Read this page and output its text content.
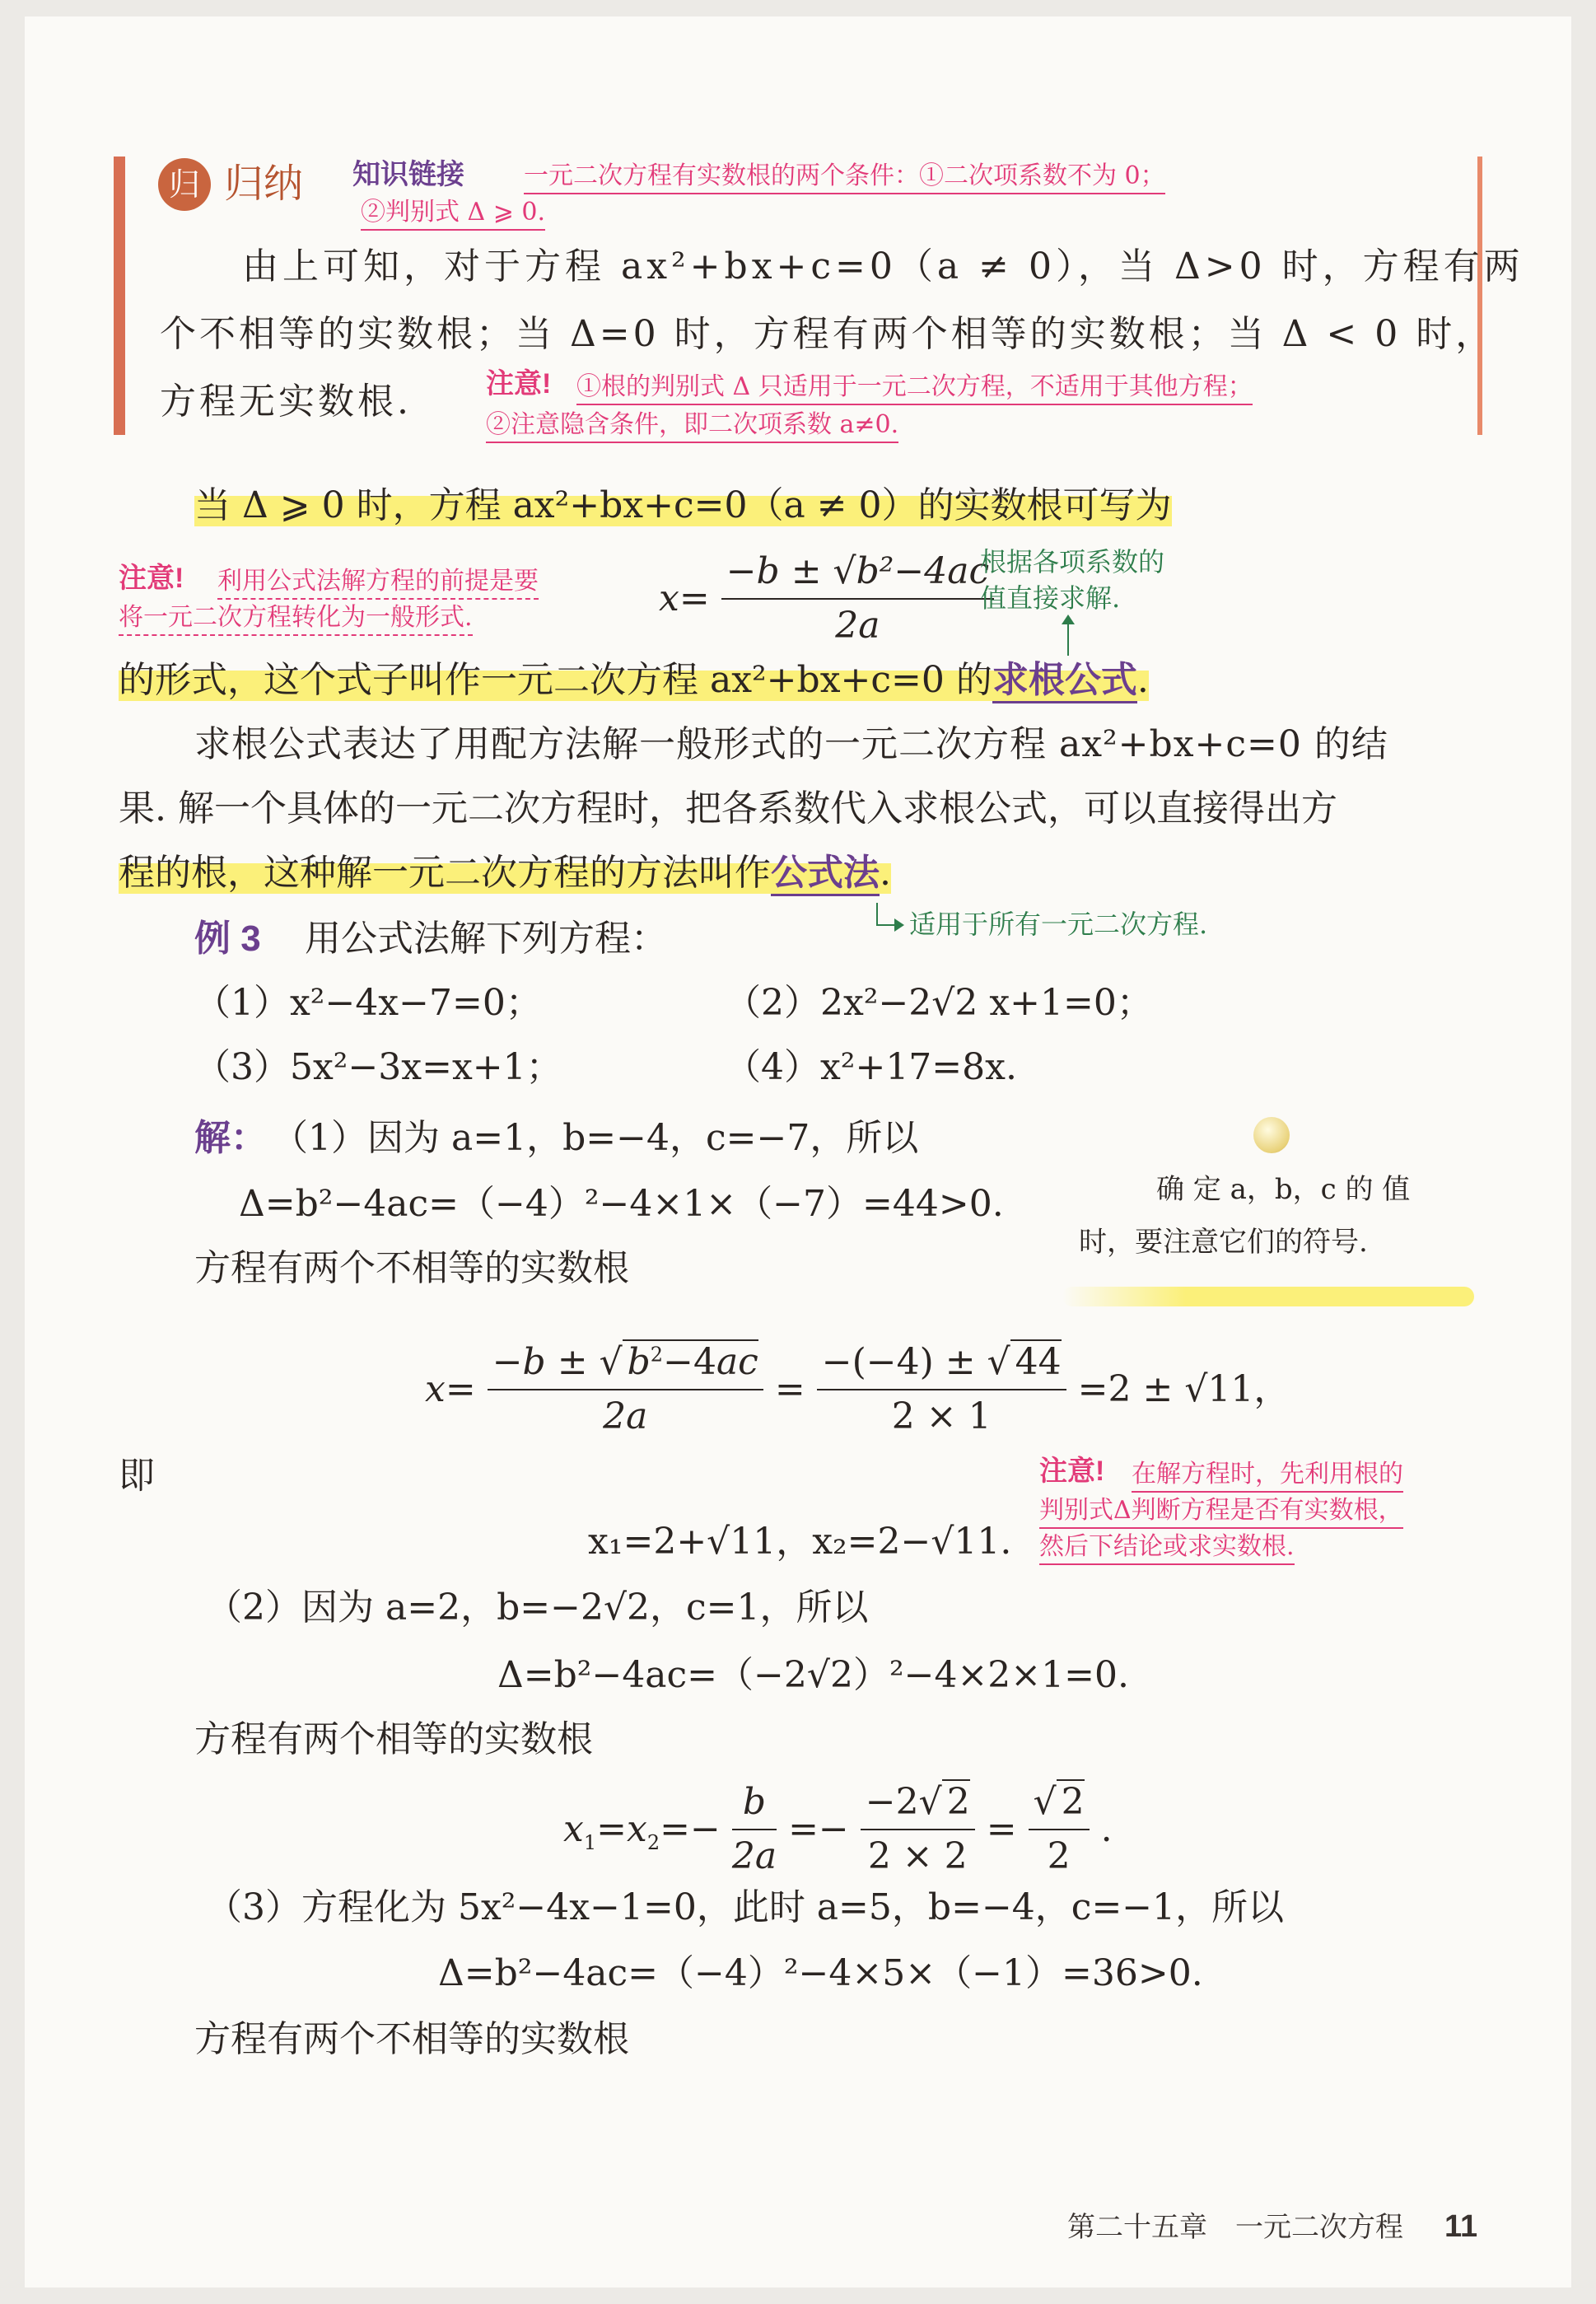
归 归纳 知识链接 一元二次方程有实数根的两个条件：①二次项系数不为 0；
②判别式 Δ ⩾ 0.
由上可知，对于方程 ax²+bx+c=0（a ≠ 0），当 Δ>0 时，方程有两
个不相等的实数根；当 Δ=0 时，方程有两个相等的实数根；当 Δ < 0 时，
方程无实数根.	注意! ①根的判别式 Δ 只适用于一元二次方程，不适用于其他方程；
②注意隐含条件，即二次项系数 a≠0.
当 Δ ⩾ 0 时，方程 ax²+bx+c=0（a ≠ 0）的实数根可写为
注意! 利用公式法解方程的前提是要
将一元二次方程转化为一般形式.	$x= \frac{\text{−b ± √b²−4ac}}{2a}$
根据各项系数的
值直接求解.
的形式，这个式子叫作一元二次方程 ax²+bx+c=0 的求根公式.
求根公式表达了用配方法解一般形式的一元二次方程 ax²+bx+c=0 的结
果. 解一个具体的一元二次方程时，把各系数代入求根公式，可以直接得出方
程的根，这种解一元二次方程的方法叫作公式法.
适用于所有一元二次方程.
例 3 用公式法解下列方程：
（1）x²−4x−7=0；	（2）2x²−2√2 x+1=0；
（3）5x²−3x=x+1；	（4）x²+17=8x.
解： （1）因为 a=1，b=−4，c=−7，所以
Δ=b²−4ac=（−4）²−4×1×（−7）=44>0.
方程有两个不相等的实数根
确 定 a，b，c 的 值
时，要注意它们的符号.
$x= \frac{-b \pm √ b^2-4ac}{2a} = \frac{-(-4) \pm √ 44}{2 \times 1} =2 \pm √11$，
即
x₁=2+√11，x₂=2−√11.
注意! 在解方程时，先利用根的
判别式Δ判断方程是否有实数根，
然后下结论或求实数根.
（2）因为 a=2，b=−2√2，c=1，所以
Δ=b²−4ac=（−2√2）²−4×2×1=0.
方程有两个相等的实数根
$x_1=x_2=- \frac{b}{2a} =- \frac{-2√ 2}{2 \times 2} = \frac{√ 2}{2}$ .
（3）方程化为 5x²−4x−1=0，此时 a=5，b=−4，c=−1，所以
Δ=b²−4ac=（−4）²−4×5×（−1）=36>0.
方程有两个不相等的实数根
第二十五章　一元二次方程 11
